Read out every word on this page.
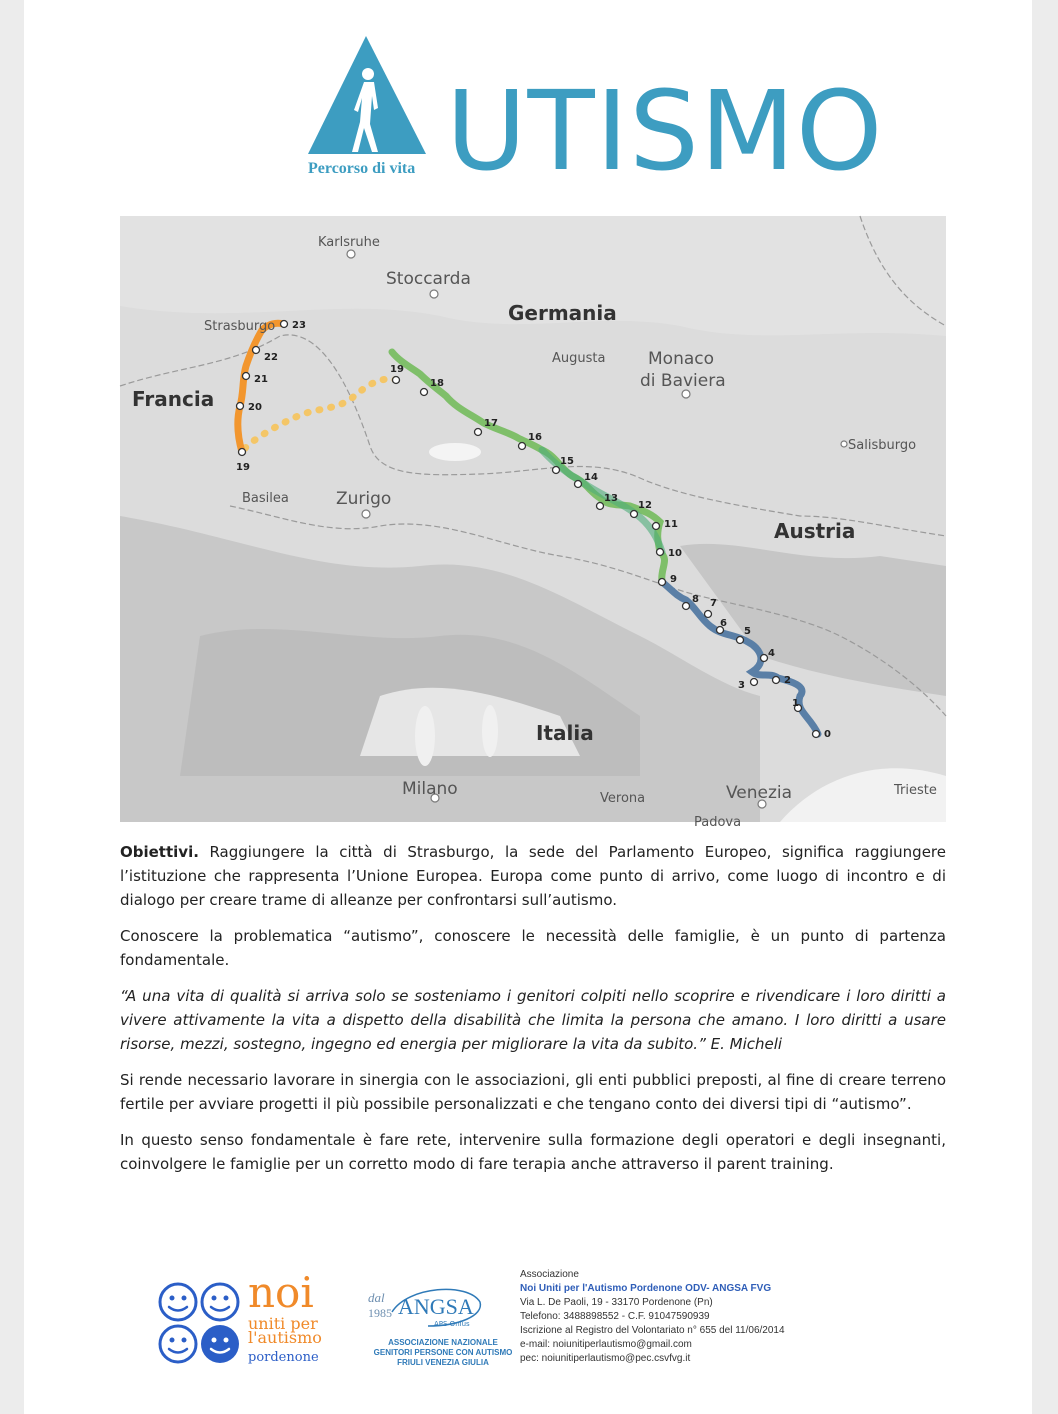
UTISMO
Percorso di vita
Germania
Francia
Austria
Italia
Karlsruhe
Stoccarda
Strasburgo
Augusta	Monaco
di Baviera
Salisburgo
Basilea	Zurigo
Milano	Verona	Venezia	Trieste
Padova
0
1
2
3
4
5
6
7
8
9
10
11
12
13
14
15
16
17
18
19
19
20
21
22
23

Obiettivi. Raggiungere la città di Strasburgo, la sede del Parlamento Europeo, significa raggiungere l’istituzione che rappresenta l’Unione Europea. Europa come punto di arrivo, come luogo di incontro e di dialogo per creare trame di alleanze per confrontarsi sull’autismo.

Conoscere la problematica “autismo”, conoscere le necessità delle famiglie, è un punto di partenza fondamentale.

“A una vita di qualità si arriva solo se sosteniamo i genitori colpiti nello scoprire e rivendicare i loro diritti a vivere attivamente la vita a dispetto della disabilità che limita la persona che amano. I loro diritti a usare risorse, mezzi, sostegno, ingegno ed energia per migliorare la vita da subito.” E. Micheli

Si rende necessario lavorare in sinergia con le associazioni, gli enti pubblici preposti, al fine di creare terreno fertile per avviare progetti il più possibile personalizzati e che tengano conto dei diversi tipi di “autismo”.

In questo senso fondamentale è fare rete, intervenire sulla formazione degli operatori e degli insegnanti, coinvolgere le famiglie per un corretto modo di fare terapia anche attraverso il parent training.

noi
uniti per
l'autismo
pordenone
dal
1985 ANGSA
APS Onlus
ASSOCIAZIONE NAZIONALE
GENITORI PERSONE CON AUTISMO
FRIULI VENEZIA GIULIA
Associazione
Noi Uniti per l'Autismo Pordenone ODV- ANGSA FVG
Via L. De Paoli, 19 - 33170 Pordenone (Pn)
Telefono: 3488898552 - C.F. 91047590939
Iscrizione al Registro del Volontariato n° 655 del 11/06/2014
e-mail: noiunitiperlautismo@gmail.com
pec: noiunitiperlautismo@pec.csvfvg.it
